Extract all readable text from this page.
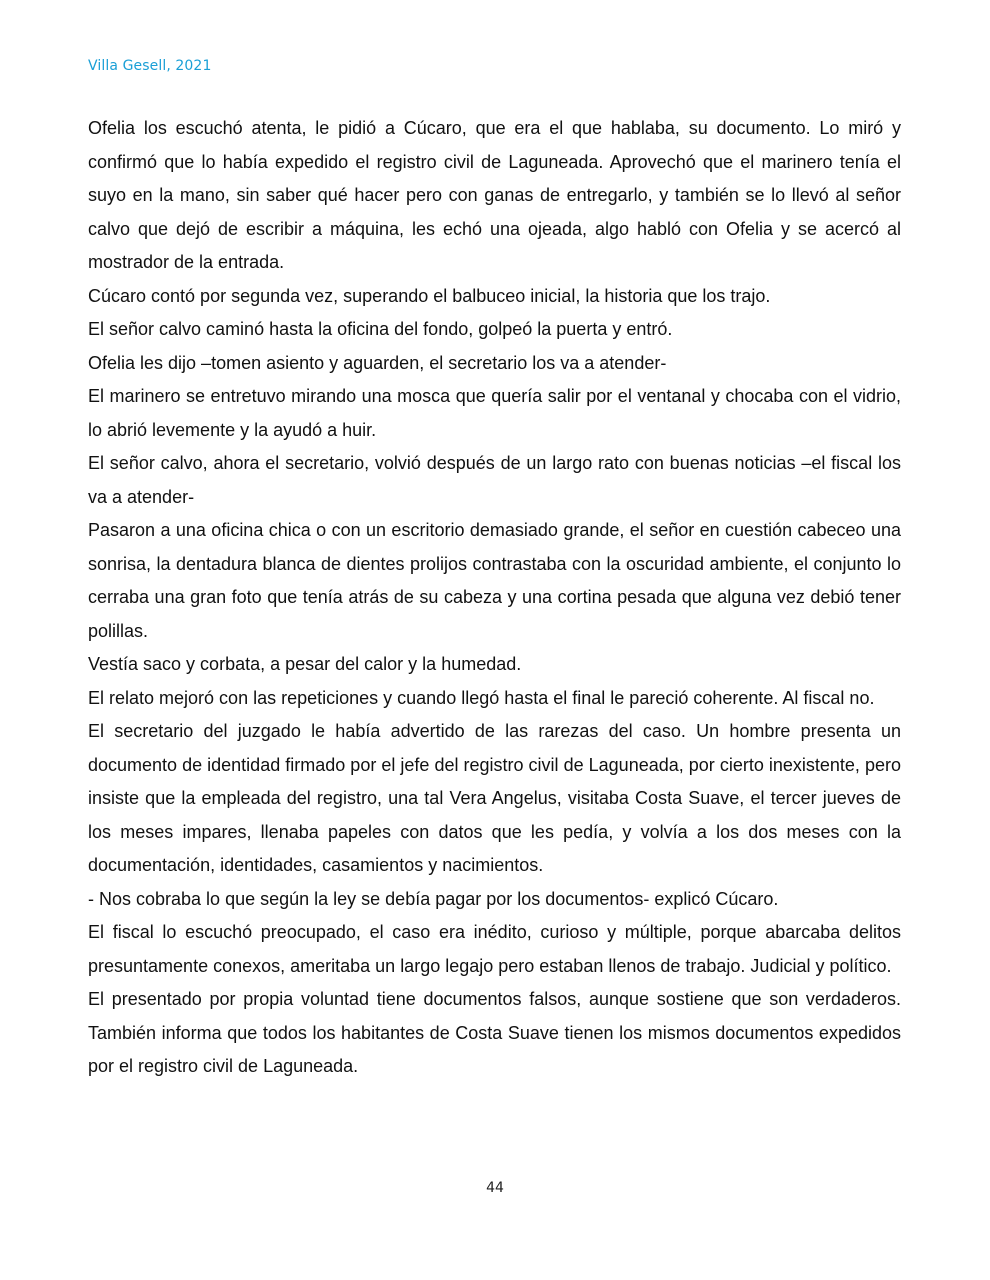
Villa Gesell, 2021

Ofelia los escuchó atenta, le pidió a Cúcaro, que era el que hablaba, su documento. Lo miró y confirmó que lo había expedido el registro civil de Laguneada. Aprovechó que el marinero tenía el suyo en la mano, sin saber qué hacer pero con ganas de entregarlo, y también se lo llevó al señor calvo que dejó de escribir a máquina, les echó una ojeada, algo habló con Ofelia y se acercó al mostrador de la entrada.

Cúcaro contó por segunda vez, superando el balbuceo inicial, la historia que los trajo.

El señor calvo caminó hasta la oficina del fondo, golpeó la puerta y entró.

Ofelia les dijo –tomen asiento y aguarden, el secretario los va a atender-

El marinero se entretuvo mirando una mosca que quería salir por el ventanal y chocaba con el vidrio, lo abrió levemente y la ayudó a huir.

El señor calvo, ahora el secretario, volvió después de un largo rato con buenas noticias –el fiscal los va a atender-

Pasaron a una oficina chica o con un escritorio demasiado grande, el señor en cuestión cabeceo una sonrisa, la dentadura blanca de dientes prolijos contrastaba con la oscuridad ambiente, el conjunto lo cerraba una gran foto que tenía atrás de su cabeza y una cortina pesada que alguna vez debió tener polillas.

Vestía saco y corbata, a pesar del calor y la humedad.

El relato mejoró con las repeticiones y cuando llegó hasta el final le pareció coherente. Al fiscal no.

El secretario del juzgado le había advertido de las rarezas del caso. Un hombre presenta un documento de identidad firmado por el jefe del registro civil de Laguneada, por cierto inexistente, pero insiste que la empleada del registro, una tal Vera Angelus, visitaba Costa Suave, el tercer jueves de los meses impares, llenaba papeles con datos que les pedía, y volvía a los dos meses con la documentación, identidades, casamientos y nacimientos.

- Nos cobraba lo que según la ley se debía pagar por los documentos- explicó Cúcaro.

El fiscal lo escuchó preocupado, el caso era inédito, curioso y múltiple, porque abarcaba delitos presuntamente conexos, ameritaba un largo legajo pero estaban llenos de trabajo. Judicial y político.

El presentado por propia voluntad tiene documentos falsos, aunque sostiene que son verdaderos. También informa que todos los habitantes de Costa Suave tienen los mismos documentos expedidos por el registro civil de Laguneada.

44
